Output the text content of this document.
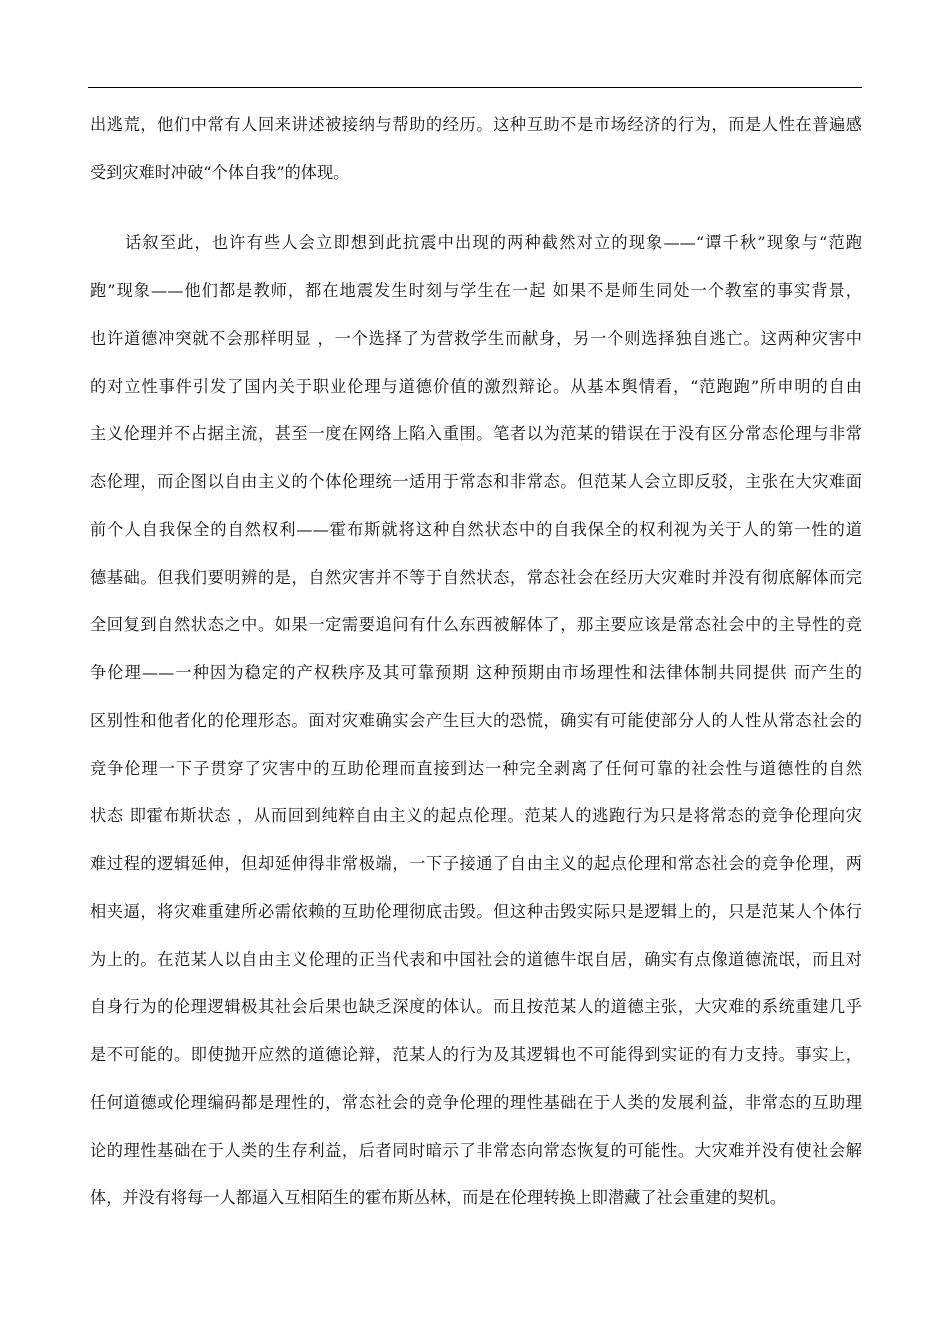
出逃荒，他们中常有人回来讲述被接纳与帮助的经历。这种互助不是市场经济的行为，而是人性在普遍感
受到灾难时冲破“个体自我”的体现。
话叙至此，也许有些人会立即想到此抗震中出现的两种截然对立的现象——“谭千秋”现象与“范跑
跑”现象——他们都是教师，都在地震发生时刻与学生在一起 如果不是师生同处一个教室的事实背景，
也许道德冲突就不会那样明显 ，一个选择了为营救学生而献身，另一个则选择独自逃亡。这两种灾害中
的对立性事件引发了国内关于职业伦理与道德价值的激烈辩论。从基本舆情看，“范跑跑”所申明的自由
主义伦理并不占据主流，甚至一度在网络上陷入重围。笔者以为范某的错误在于没有区分常态伦理与非常
态伦理，而企图以自由主义的个体伦理统一适用于常态和非常态。但范某人会立即反驳，主张在大灾难面
前个人自我保全的自然权利——霍布斯就将这种自然状态中的自我保全的权利视为关于人的第一性的道
德基础。但我们要明辨的是，自然灾害并不等于自然状态，常态社会在经历大灾难时并没有彻底解体而完
全回复到自然状态之中。如果一定需要追问有什么东西被解体了，那主要应该是常态社会中的主导性的竞
争伦理——一种因为稳定的产权秩序及其可靠预期 这种预期由市场理性和法律体制共同提供 而产生的
区别性和他者化的伦理形态。面对灾难确实会产生巨大的恐慌，确实有可能使部分人的人性从常态社会的
竞争伦理一下子贯穿了灾害中的互助伦理而直接到达一种完全剥离了任何可靠的社会性与道德性的自然
状态 即霍布斯状态 ，从而回到纯粹自由主义的起点伦理。范某人的逃跑行为只是将常态的竞争伦理向灾
难过程的逻辑延伸，但却延伸得非常极端，一下子接通了自由主义的起点伦理和常态社会的竞争伦理，两
相夹逼，将灾难重建所必需依赖的互助伦理彻底击毁。但这种击毁实际只是逻辑上的，只是范某人个体行
为上的。在范某人以自由主义伦理的正当代表和中国社会的道德牛氓自居，确实有点像道德流氓，而且对
自身行为的伦理逻辑极其社会后果也缺乏深度的体认。而且按范某人的道德主张，大灾难的系统重建几乎
是不可能的。即使抛开应然的道德论辩，范某人的行为及其逻辑也不可能得到实证的有力支持。事实上，
任何道德或伦理编码都是理性的，常态社会的竞争伦理的理性基础在于人类的发展利益，非常态的互助理
论的理性基础在于人类的生存利益，后者同时暗示了非常态向常态恢复的可能性。大灾难并没有使社会解
体，并没有将每一人都逼入互相陌生的霍布斯丛林，而是在伦理转换上即潜藏了社会重建的契机。
